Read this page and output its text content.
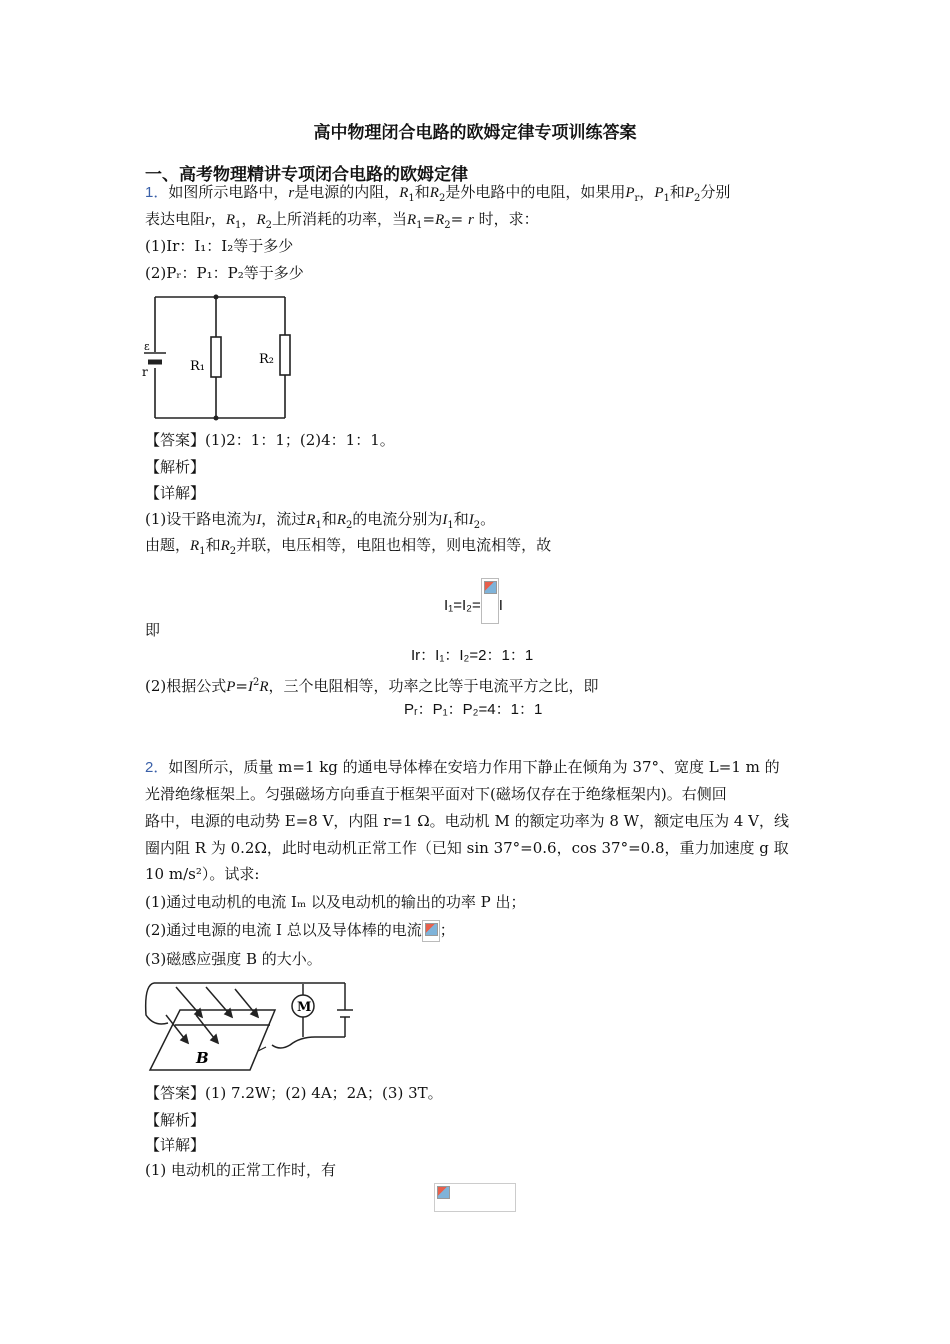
高中物理闭合电路的欧姆定律专项训练答案
一、高考物理精讲专项闭合电路的欧姆定律
1．如图所示电路中，r是电源的内阻，$R_1$和$R_2$是外电路中的电阻，如果用$P_r$，$P_1$和$P_2$分别
表达电阻r，$R_1$，$R_2$上所消耗的功率，当$R_1=R_2= r$ 时，求：
(1)Ir：I₁：I₂等于多少
(2)Pᵣ：P₁：P₂等于多少
ε
r	R₁	R₂
【答案】(1)2：1：1；(2)4：1：1。
【解析】
【详解】
(1)设干路电流为I，流过$R_1$和$R_2$的电流分别为$I_1$和$I_2$。
由题，$R_1$和$R_2$并联，电压相等，电阻也相等，则电流相等，故
I₁=I₂= I
即
Ir：I₁：I₂=2：1：1
(2)根据公式$P=I^2R$，三个电阻相等，功率之比等于电流平方之比，即
Pᵣ：P₁：P₂=4：1：1
2．如图所示，质量 m=1 kg 的通电导体棒在安培力作用下静止在倾角为 37°、宽度 L=1 m 的
光滑绝缘框架上。匀强磁场方向垂直于框架平面对下(磁场仅存在于绝缘框架内)。右侧回
路中，电源的电动势 E=8 V，内阻 r=1 Ω。电动机 M 的额定功率为 8 W，额定电压为 4 V，线
圈内阻 R 为 0.2Ω，此时电动机正常工作（已知 sin 37°=0.6，cos 37°=0.8，重力加速度 g 取
10 m/s²）。试求:
(1)通过电动机的电流 Iₘ 以及电动机的输出的功率 P 出；
(2)通过电源的电流 I 总以及导体棒的电流 ；
(3)磁感应强度 B 的大小。
M
B
【答案】(1) 7.2W；(2) 4A；2A；(3) 3T。
【解析】
【详解】
(1) 电动机的正常工作时，有
